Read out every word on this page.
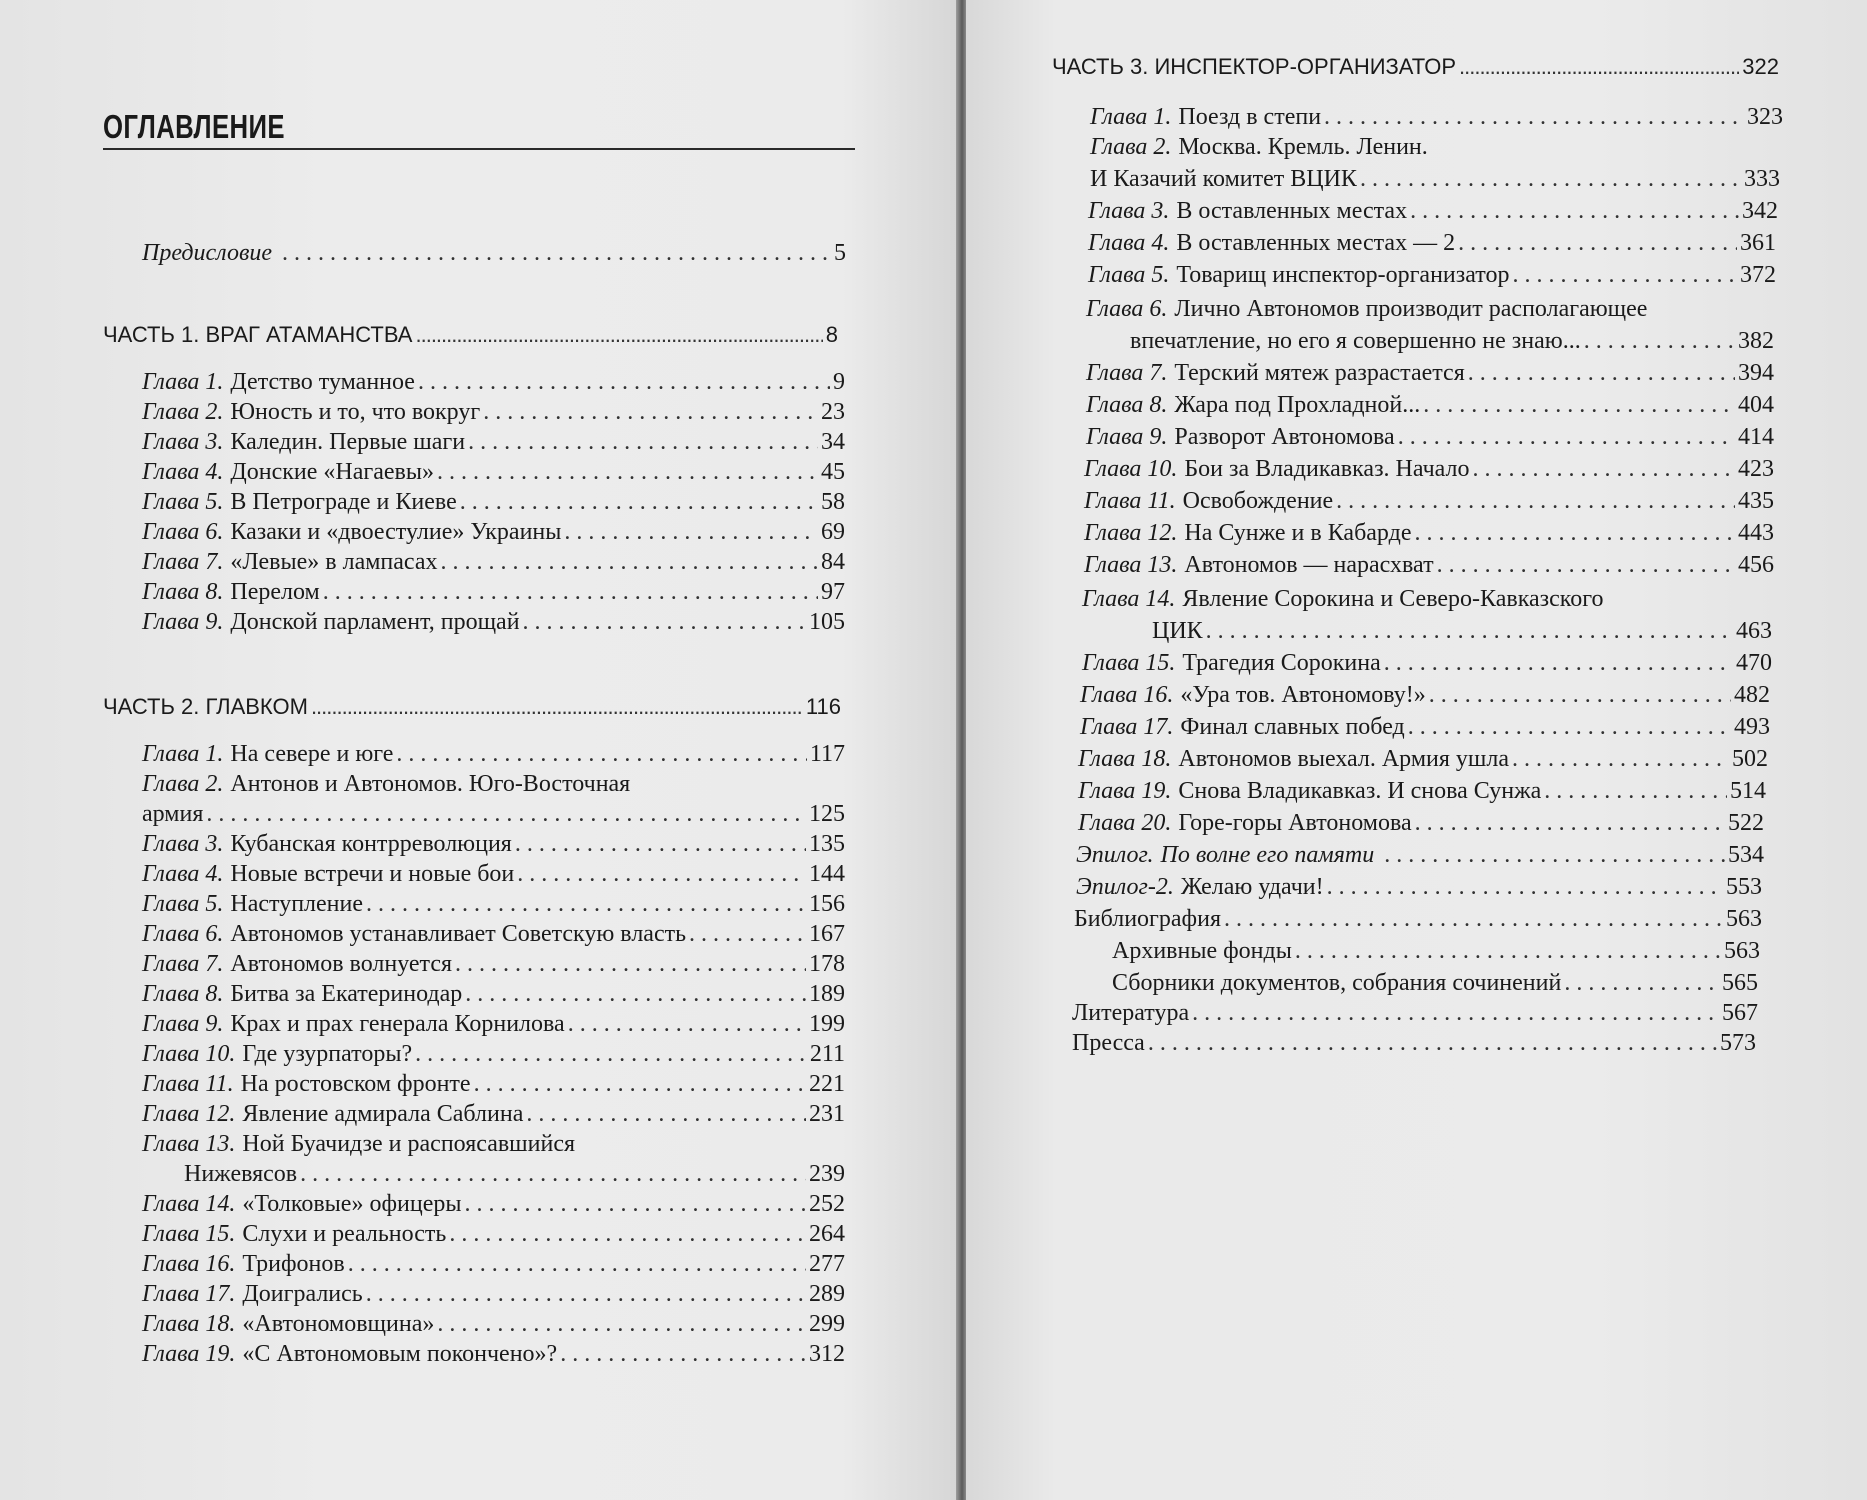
ОГЛАВЛЕНИЕ
Предисловие . . .	5
ЧАСТЬ 1. ВРАГ АТАМАНСТВА .....	8
Глава 1. Детство туманное . . .	9
Глава 2. Юность и то, что вокруг . . .	23
Глава 3. Каледин. Первые шаги . . .	34
Глава 4. Донские «Нагаевы» . . .	45
Глава 5. В Петрограде и Киеве . . .	58
Глава 6. Казаки и «двоестулие» Украины . . .	69
Глава 7. «Левые» в лампасах . . .	84
Глава 8. Перелом . . .	97
Глава 9. Донской парламент, прощай . . .	105
ЧАСТЬ 2. ГЛАВКОМ .....	116
Глава 1. На севере и юге . . .	117
Глава 2. Антонов и Автономов. Юго-Восточная
армия . . .	125
Глава 3. Кубанская контрреволюция . . .	135
Глава 4. Новые встречи и новые бои . . .	144
Глава 5. Наступление . . .	156
Глава 6. Автономов устанавливает Советскую власть . . .	167
Глава 7. Автономов волнуется . . .	178
Глава 8. Битва за Екатеринодар . . .	189
Глава 9. Крах и прах генерала Корнилова . . .	199
Глава 10. Где узурпаторы? . . .	211
Глава 11. На ростовском фронте . . .	221
Глава 12. Явление адмирала Саблина . . .	231
Глава 13. Ной Буачидзе и распоясавшийся
Нижевясов . . .	239
Глава 14. «Толковые» офицеры . . .	252
Глава 15. Слухи и реальность . . .	264
Глава 16. Трифонов . . .	277
Глава 17. Доигрались . . .	289
Глава 18. «Автономовщина» . . .	299
Глава 19. «С Автономовым покончено»? . . .	312
ЧАСТЬ 3. ИНСПЕКТОР-ОРГАНИЗАТОР .....	322
Глава 1. Поезд в степи . . .	323
Глава 2. Москва. Кремль. Ленин.
И Казачий комитет ВЦИК . . .	333
Глава 3. В оставленных местах . . .	342
Глава 4. В оставленных местах — 2 . . .	361
Глава 5. Товарищ инспектор-организатор . . .	372
Глава 6. Лично Автономов производит располагающее
впечатление, но его я совершенно не знаю... . . .	382
Глава 7. Терский мятеж разрастается . . .	394
Глава 8. Жара под Прохладной... . . .	404
Глава 9. Разворот Автономова . . .	414
Глава 10. Бои за Владикавказ. Начало . . .	423
Глава 11. Освобождение . . .	435
Глава 12. На Сунже и в Кабарде . . .	443
Глава 13. Автономов — нарасхват . . .	456
Глава 14. Явление Сорокина и Северо-Кавказского
ЦИК . . .	463
Глава 15. Трагедия Сорокина . . .	470
Глава 16. «Ура тов. Автономову!» . . .	482
Глава 17. Финал славных побед . . .	493
Глава 18. Автономов выехал. Армия ушла . . .	502
Глава 19. Снова Владикавказ. И снова Сунжа . . .	514
Глава 20. Горе-горы Автономова . . .	522
Эпилог. По волне его памяти . . .	534
Эпилог-2. Желаю удачи! . . .	553
Библиография . . .	563
Архивные фонды . . .	563
Сборники документов, собрания сочинений . . .	565
Литература . . .	567
Пресса . . .	573
